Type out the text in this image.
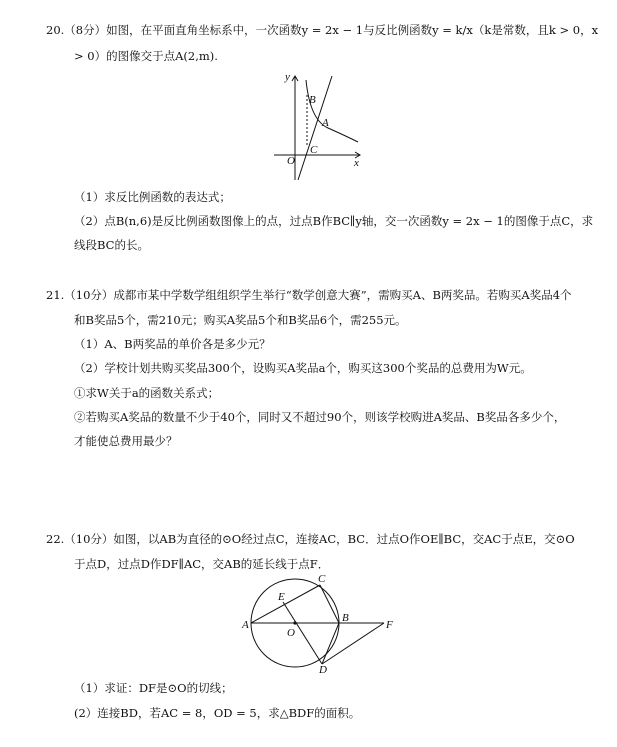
20.（8分）如图，在平面直角坐标系中，一次函数y = 2x − 1与反比例函数y = k/x（k是常数，且k > 0，x
> 0）的图像交于点A(2,m).
y
x
O
A
B
C
（1）求反比例函数的表达式；
（2）点B(n,6)是反比例函数图像上的点，过点B作BC∥y轴，交一次函数y = 2x − 1的图像于点C，求
线段BC的长。
21.（10分）成都市某中学数学组组织学生举行“数学创意大赛”，需购买A、B两奖品。若购买A奖品4个
和B奖品5个，需210元；购买A奖品5个和B奖品6个，需255元。
（1）A、B两奖品的单价各是多少元？
（2）学校计划共购买奖品300个，设购买A奖品a个，购买这300个奖品的总费用为W元。
①求W关于a的函数关系式；
②若购买A奖品的数量不少于40个，同时又不超过90个，则该学校购进A奖品、B奖品各多少个，
才能使总费用最少？
22.（10分）如图，以AB为直径的⊙O经过点C，连接AC，BC．过点O作OE∥BC，交AC于点E，交⊙O
于点D，过点D作DF∥AC，交AB的延长线于点F．
A
B
C
D
E
F
O
（1）求证：DF是⊙O的切线；
(2）连接BD，若AC = 8，OD = 5，求△BDF的面积。
